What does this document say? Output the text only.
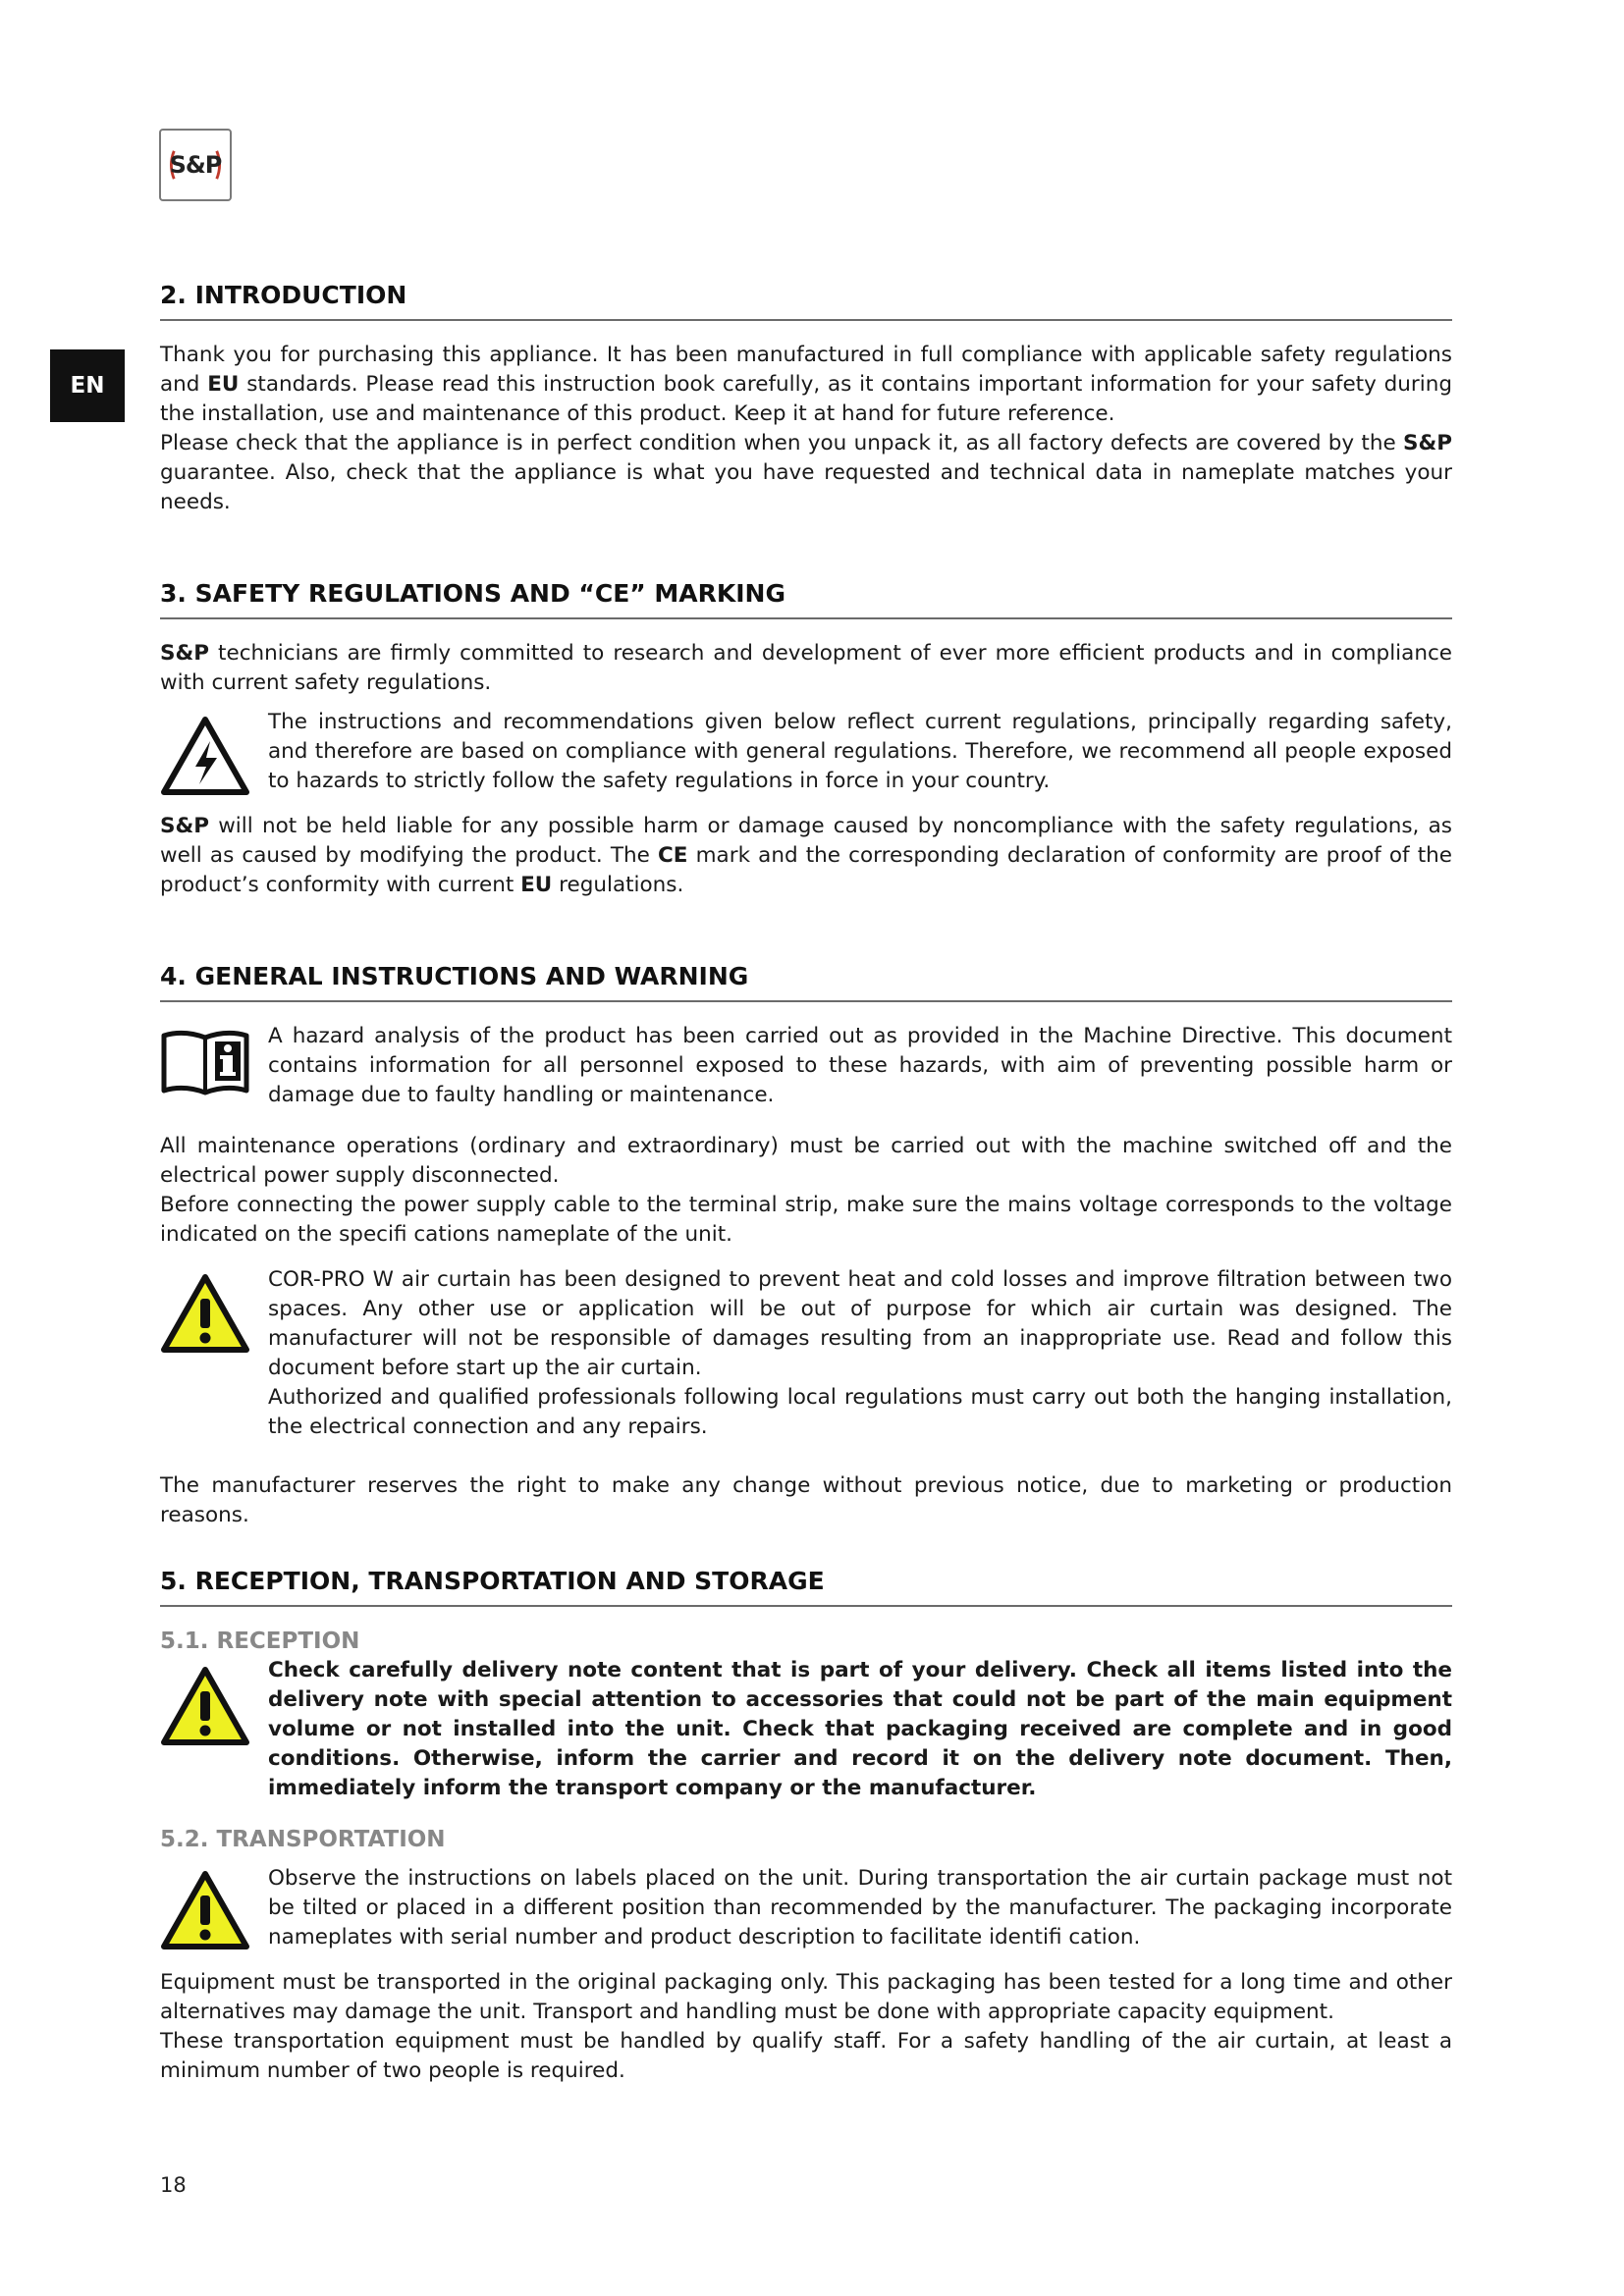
S&P
EN
2. INTRODUCTION

Thank you for purchasing this appliance. It has been manufactured in full compliance with applicable safety regulations and EU standards. Please read this instruction book carefully, as it contains important information for your safety during the installation, use and maintenance of this product. Keep it at hand for future reference.

Please check that the appliance is in perfect condition when you unpack it, as all factory defects are covered by the S&P guarantee. Also, check that the appliance is what you have requested and technical data in nameplate matches your needs.

3. SAFETY REGULATIONS AND “CE” MARKING

S&P technicians are firmly committed to research and development of ever more efficient products and in compliance with current safety regulations.

The instructions and recommendations given below reflect current regulations, principally regarding safety, and therefore are based on compliance with general regulations. Therefore, we recommend all people exposed to hazards to strictly follow the safety regulations in force in your country.

S&P will not be held liable for any possible harm or damage caused by noncompliance with the safety regulations, as well as caused by modifying the product. The CE mark and the corresponding declaration of conformity are proof of the product’s conformity with current EU regulations.

4. GENERAL INSTRUCTIONS AND WARNING

A hazard analysis of the product has been carried out as provided in the Machine Directive. This document contains information for all personnel exposed to these hazards, with aim of preventing possible harm or damage due to faulty handling or maintenance.

All maintenance operations (ordinary and extraordinary) must be carried out with the machine switched off and the electrical power supply disconnected.

Before connecting the power supply cable to the terminal strip, make sure the mains voltage corresponds to the voltage indicated on the specifi cations nameplate of the unit.

COR-PRO W air curtain has been designed to prevent heat and cold losses and improve filtration between two spaces. Any other use or application will be out of purpose for which air curtain was designed. The manufacturer will not be responsible of damages resulting from an inappropriate use. Read and follow this document before start up the air curtain.

Authorized and qualified professionals following local regulations must carry out both the hanging installation, the electrical connection and any repairs.

The manufacturer reserves the right to make any change without previous notice, due to marketing or production reasons.

5. RECEPTION, TRANSPORTATION AND STORAGE
5.1. RECEPTION

Check carefully delivery note content that is part of your delivery. Check all items listed into the delivery note with special attention to accessories that could not be part of the main equipment volume or not installed into the unit. Check that packaging received are complete and in good conditions. Otherwise, inform the carrier and record it on the delivery note document. Then, immediately inform the transport company or the manufacturer.

5.2. TRANSPORTATION

Observe the instructions on labels placed on the unit. During transportation the air curtain package must not be tilted or placed in a different position than recommended by the manufacturer. The packaging incorporate nameplates with serial number and product description to facilitate identifi cation.

Equipment must be transported in the original packaging only. This packaging has been tested for a long time and other alternatives may damage the unit. Transport and handling must be done with appropriate capacity equipment.

These transportation equipment must be handled by qualify staff. For a safety handling of the air curtain, at least a minimum number of two people is required.

18
